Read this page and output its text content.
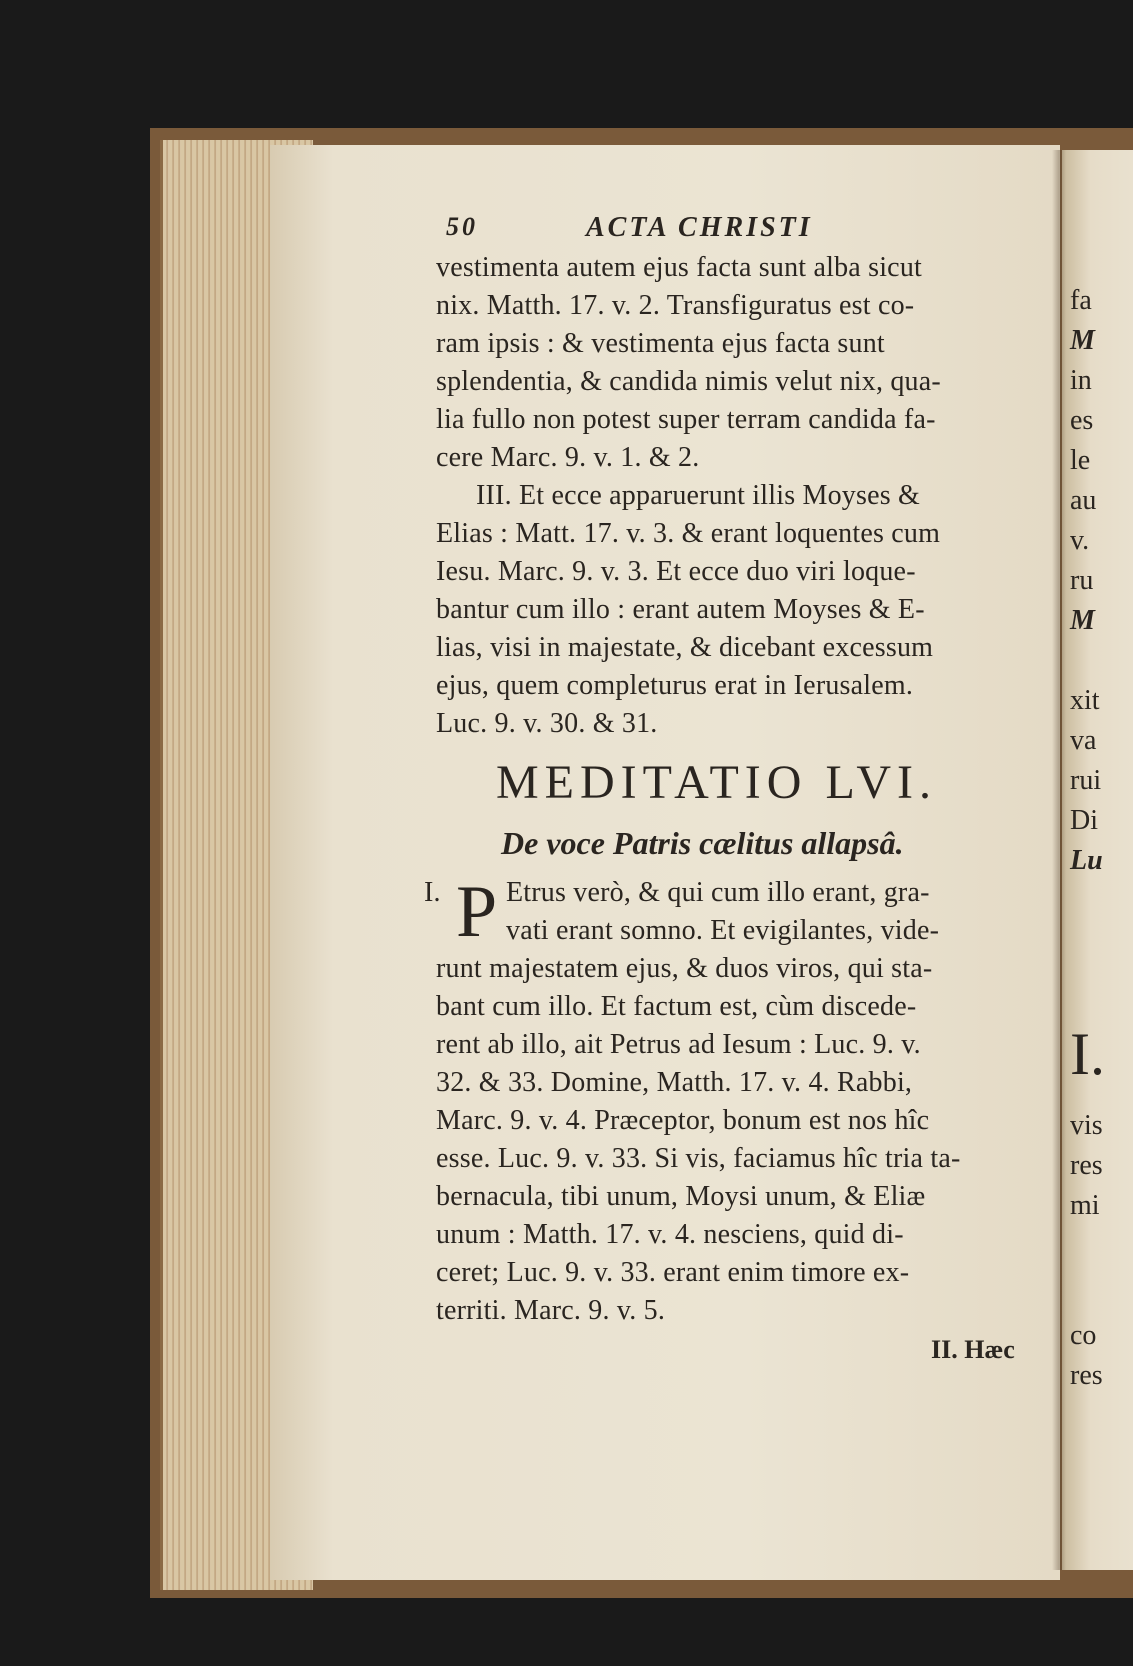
fa
M
in
es
le
au
v.
ru
M
xit
va
rui
Di
Lu
I.
vis
res
mi
co
res
50	ACTA CHRISTI
vestimenta autem ejus facta sunt alba sicut
nix. Matth. 17. v. 2. Transfiguratus est co-
ram ipsis : & vestimenta ejus facta sunt
splendentia, & candida nimis velut nix, qua-
lia fullo non potest super terram candida fa-
cere Marc. 9. v. 1. & 2.
III. Et ecce apparuerunt illis Moyses &
Elias : Matt. 17. v. 3. & erant loquentes cum
Iesu. Marc. 9. v. 3. Et ecce duo viri loque-
bantur cum illo : erant autem Moyses & E-
lias, visi in majestate, & dicebant excessum
ejus, quem completurus erat in Ierusalem.
Luc. 9. v. 30. & 31.
MEDITATIO LVI.
De voce Patris cælitus allapsâ.
I. P Etrus verò, & qui cum illo erant, gra-
vati erant somno. Et evigilantes, vide-
runt majestatem ejus, & duos viros, qui sta-
bant cum illo. Et factum est, cùm discede-
rent ab illo, ait Petrus ad Iesum : Luc. 9. v.
32. & 33. Domine, Matth. 17. v. 4. Rabbi,
Marc. 9. v. 4. Præceptor, bonum est nos hîc
esse. Luc. 9. v. 33. Si vis, faciamus hîc tria ta-
bernacula, tibi unum, Moysi unum, & Eliæ
unum : Matth. 17. v. 4. nesciens, quid di-
ceret; Luc. 9. v. 33. erant enim timore ex-
territi. Marc. 9. v. 5.
II. Hæc
